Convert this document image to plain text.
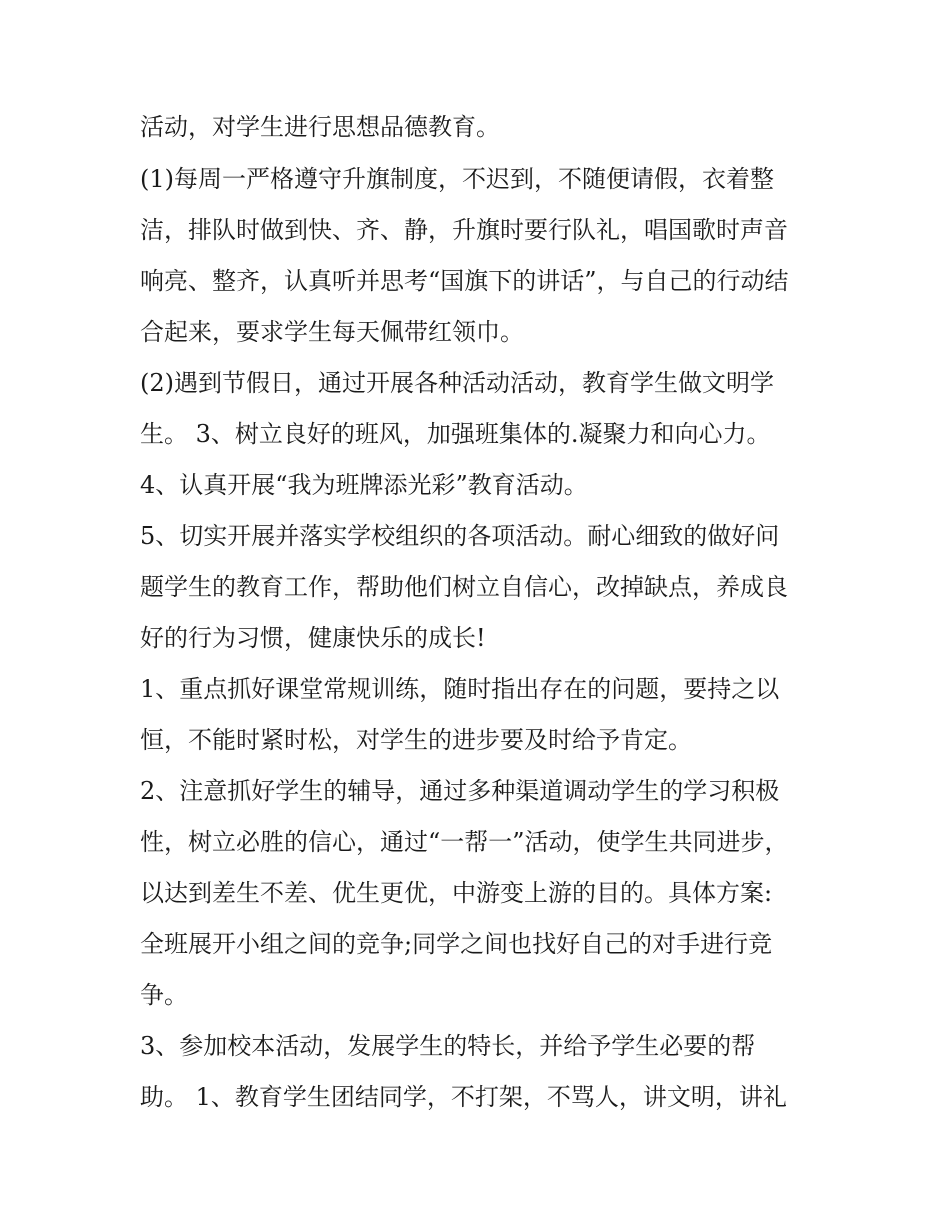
活动，对学生进行思想品德教育。
(1)每周一严格遵守升旗制度，不迟到，不随便请假，衣着整
洁，排队时做到快、齐、静，升旗时要行队礼，唱国歌时声音
响亮、整齐，认真听并思考“国旗下的讲话”，与自己的行动结
合起来，要求学生每天佩带红领巾。
(2)遇到节假日，通过开展各种活动活动，教育学生做文明学
生。 3、树立良好的班风，加强班集体的.凝聚力和向心力。
4、认真开展“我为班牌添光彩”教育活动。
5、切实开展并落实学校组织的各项活动。耐心细致的做好问
题学生的教育工作，帮助他们树立自信心，改掉缺点，养成良
好的行为习惯，健康快乐的成长!
1、重点抓好课堂常规训练，随时指出存在的问题，要持之以
恒，不能时紧时松，对学生的进步要及时给予肯定。
2、注意抓好学生的辅导，通过多种渠道调动学生的学习积极
性，树立必胜的信心，通过“一帮一”活动，使学生共同进步，
以达到差生不差、优生更优，中游变上游的目的。具体方案:
全班展开小组之间的竞争;同学之间也找好自己的对手进行竞
争。
3、参加校本活动，发展学生的特长，并给予学生必要的帮
助。 1、教育学生团结同学，不打架，不骂人，讲文明，讲礼
